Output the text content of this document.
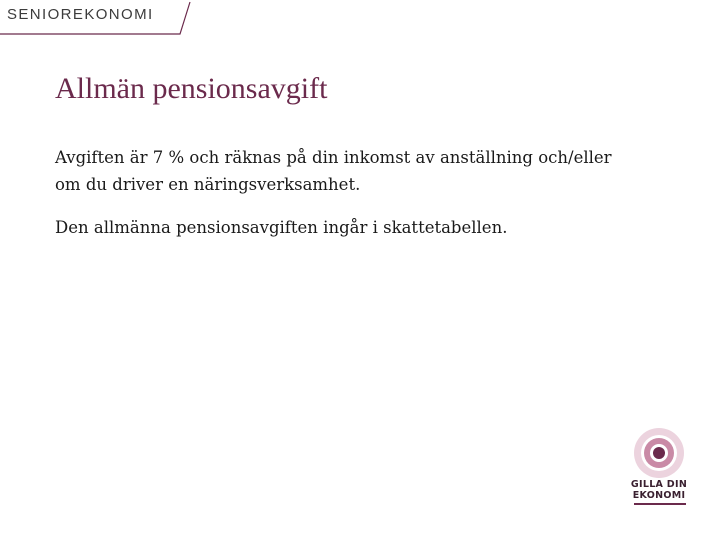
SENIOREKONOMI
Allmän pensionsavgift

Avgiften är 7 % och räknas på din inkomst av anställning och/eller om du driver en näringsverksamhet.

Den allmänna pensionsavgiften ingår i skattetabellen.

GILLA DIN
EKONOMI
